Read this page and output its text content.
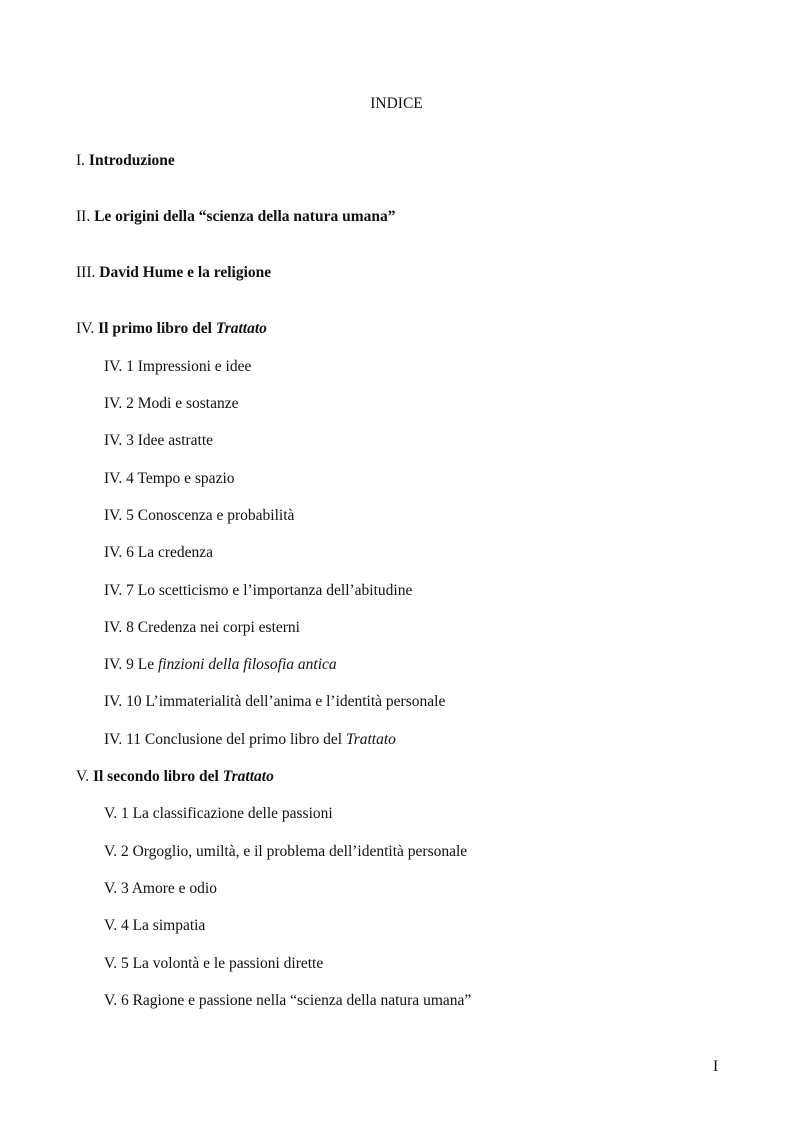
INDICE
I. Introduzione
II. Le origini della “scienza della natura umana”
III. David Hume e la religione
IV. Il primo libro del Trattato
IV. 1 Impressioni e idee
IV. 2 Modi e sostanze
IV. 3 Idee astratte
IV. 4 Tempo e spazio
IV. 5 Conoscenza e probabilità
IV. 6 La credenza
IV. 7 Lo scetticismo e l’importanza dell’abitudine
IV. 8 Credenza nei corpi esterni
IV. 9 Le finzioni della filosofia antica
IV. 10 L’immaterialità dell’anima e l’identità personale
IV. 11 Conclusione del primo libro del Trattato
V. Il secondo libro del Trattato
V. 1 La classificazione delle passioni
V. 2 Orgoglio, umiltà, e il problema dell’identità personale
V. 3 Amore e odio
V. 4 La simpatia
V. 5 La volontà e le passioni dirette
V. 6 Ragione e passione nella “scienza della natura umana”
I
